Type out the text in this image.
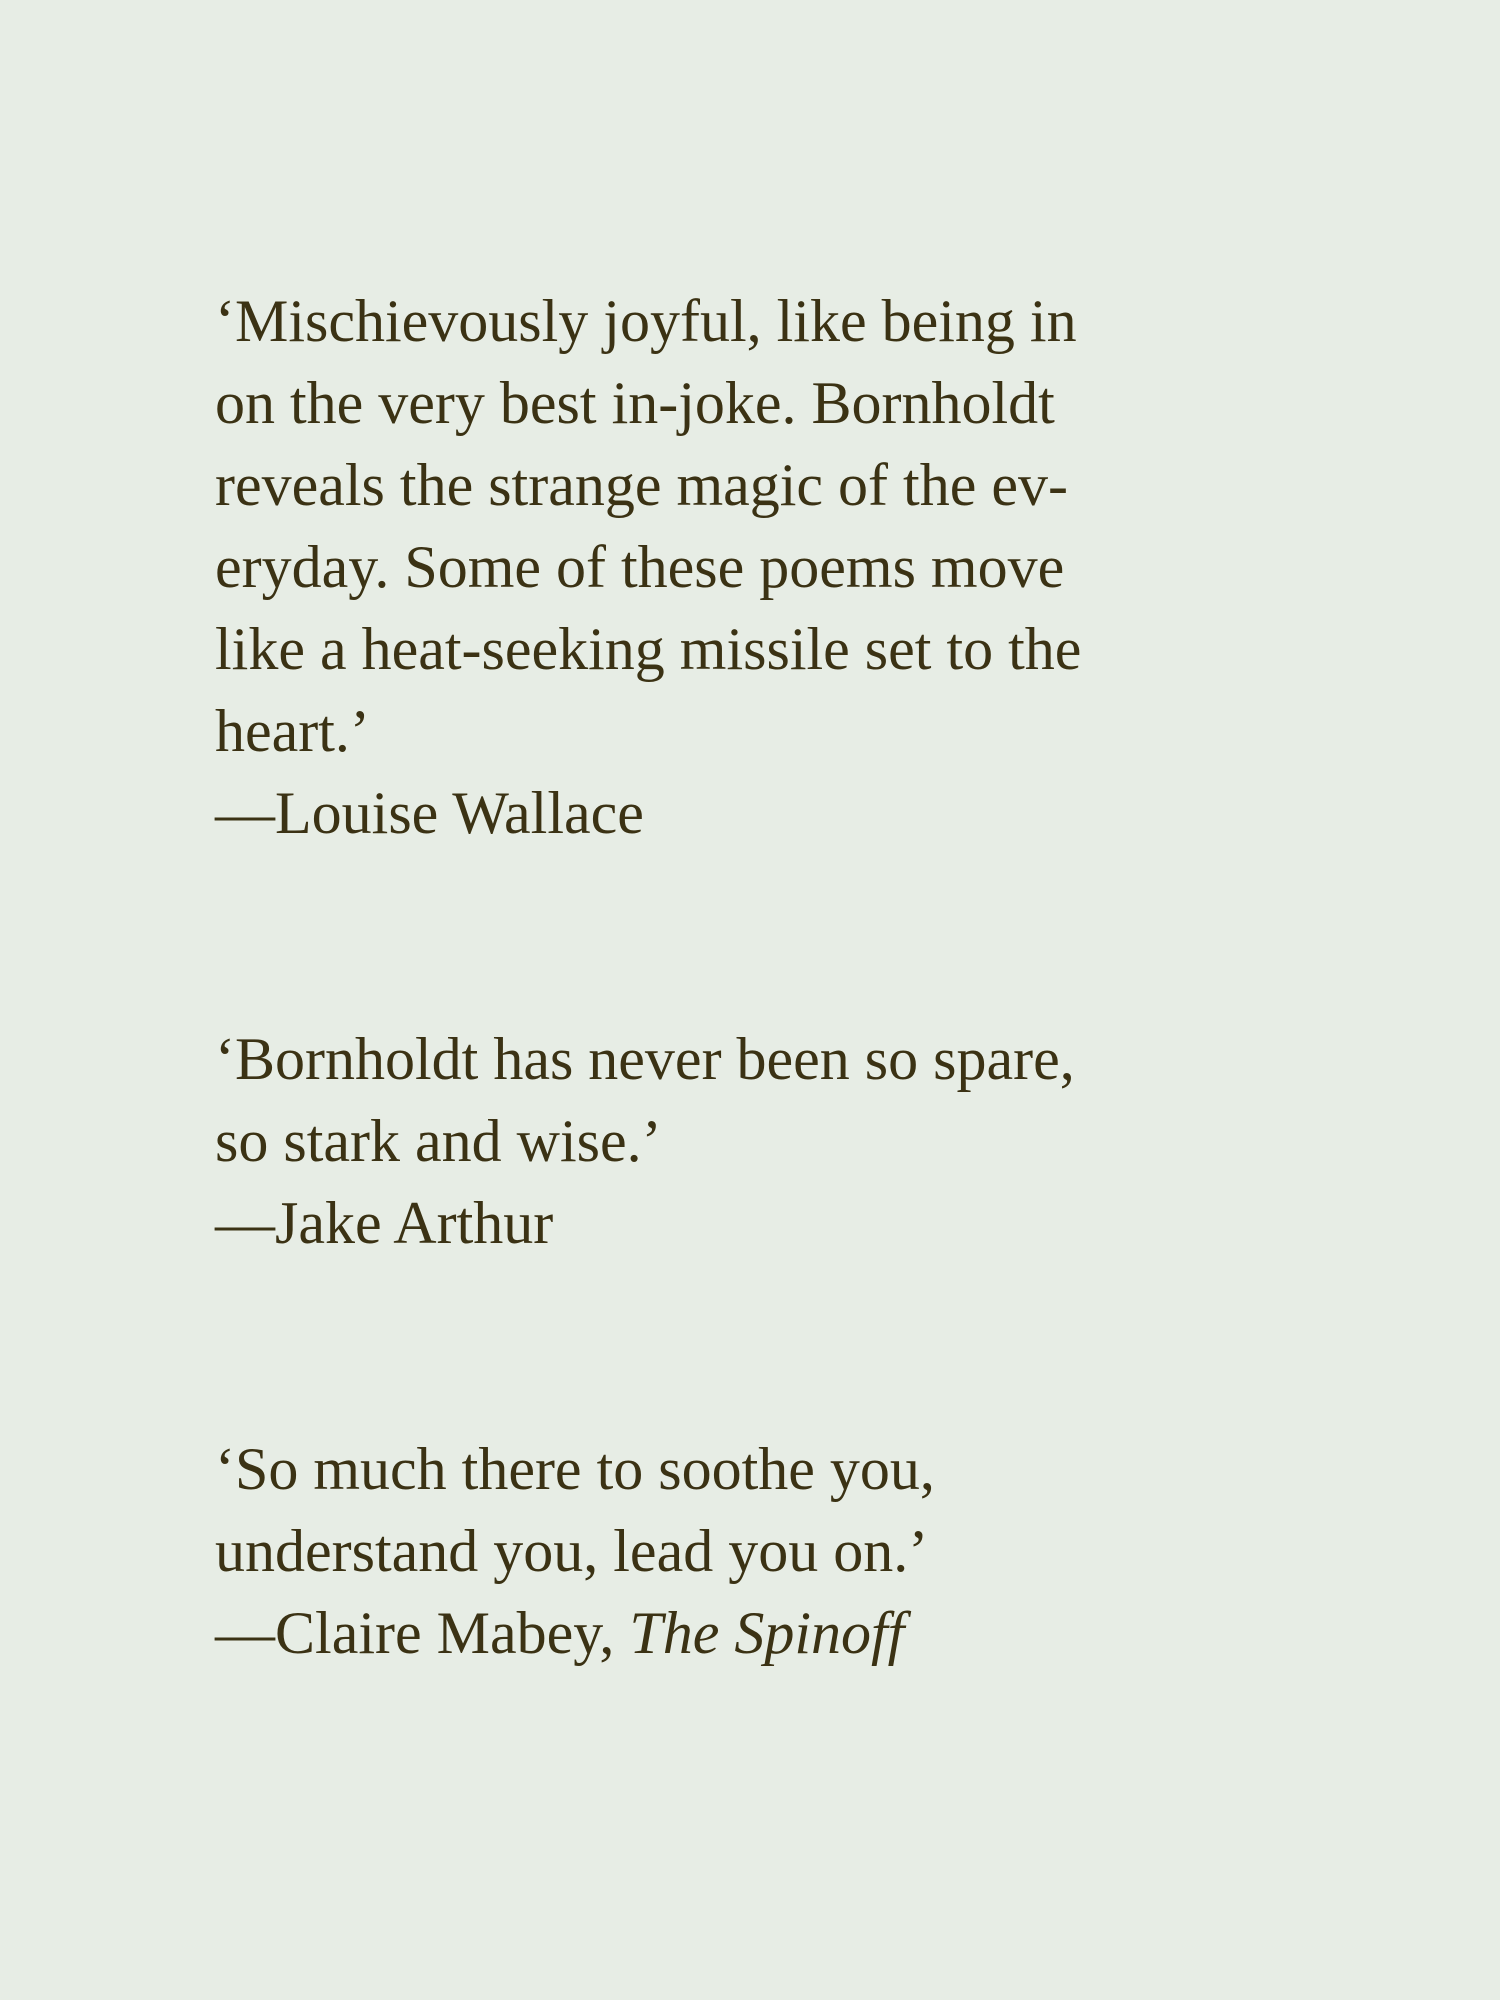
‘Mischievously joyful, like being in
on the very best in-joke. Bornholdt
reveals the strange magic of the ev-
eryday. Some of these poems move
like a heat-seeking missile set to the
heart.’
—Louise Wallace
‘Bornholdt has never been so spare,
so stark and wise.’
—Jake Arthur
‘So much there to soothe you,
understand you, lead you on.’
—Claire Mabey, The Spinoff
